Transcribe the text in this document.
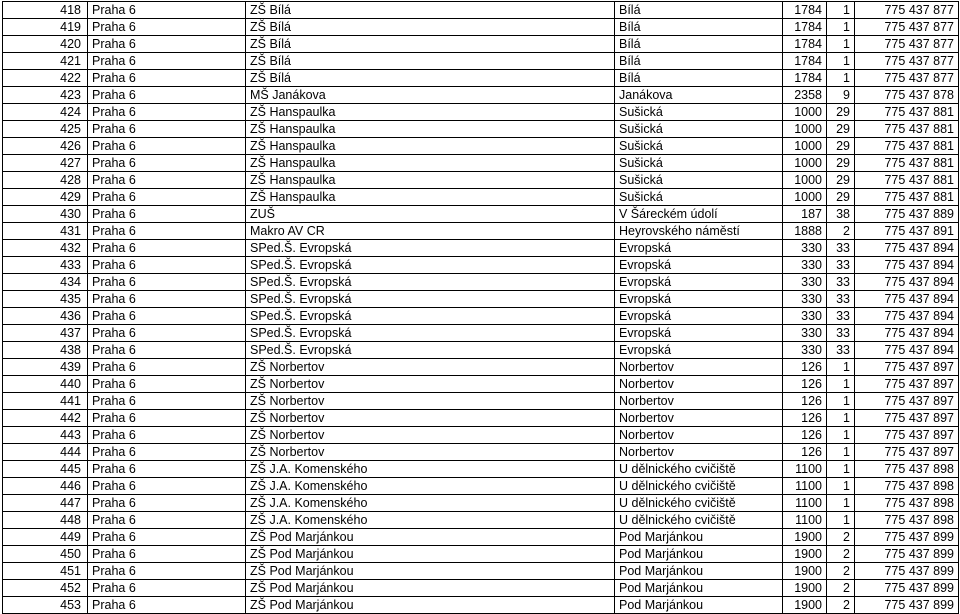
418	Praha 6	ZŠ Bílá	Bílá	1784	1	775 437 877
419	Praha 6	ZŠ Bílá	Bílá	1784	1	775 437 877
420	Praha 6	ZŠ Bílá	Bílá	1784	1	775 437 877
421	Praha 6	ZŠ Bílá	Bílá	1784	1	775 437 877
422	Praha 6	ZŠ Bílá	Bílá	1784	1	775 437 877
423	Praha 6	MŠ Janákova	Janákova	2358	9	775 437 878
424	Praha 6	ZŠ Hanspaulka	Sušická	1000	29	775 437 881
425	Praha 6	ZŠ Hanspaulka	Sušická	1000	29	775 437 881
426	Praha 6	ZŠ Hanspaulka	Sušická	1000	29	775 437 881
427	Praha 6	ZŠ Hanspaulka	Sušická	1000	29	775 437 881
428	Praha 6	ZŠ Hanspaulka	Sušická	1000	29	775 437 881
429	Praha 6	ZŠ Hanspaulka	Sušická	1000	29	775 437 881
430	Praha 6	ZUŠ	V Šáreckém údolí	187	38	775 437 889
431	Praha 6	Makro AV CR	Heyrovského náměstí	1888	2	775 437 891
432	Praha 6	SPed.Š. Evropská	Evropská	330	33	775 437 894
433	Praha 6	SPed.Š. Evropská	Evropská	330	33	775 437 894
434	Praha 6	SPed.Š. Evropská	Evropská	330	33	775 437 894
435	Praha 6	SPed.Š. Evropská	Evropská	330	33	775 437 894
436	Praha 6	SPed.Š. Evropská	Evropská	330	33	775 437 894
437	Praha 6	SPed.Š. Evropská	Evropská	330	33	775 437 894
438	Praha 6	SPed.Š. Evropská	Evropská	330	33	775 437 894
439	Praha 6	ZŠ Norbertov	Norbertov	126	1	775 437 897
440	Praha 6	ZŠ Norbertov	Norbertov	126	1	775 437 897
441	Praha 6	ZŠ Norbertov	Norbertov	126	1	775 437 897
442	Praha 6	ZŠ Norbertov	Norbertov	126	1	775 437 897
443	Praha 6	ZŠ Norbertov	Norbertov	126	1	775 437 897
444	Praha 6	ZŠ Norbertov	Norbertov	126	1	775 437 897
445	Praha 6	ZŠ J.A. Komenského	U dělnického cvičiště	1100	1	775 437 898
446	Praha 6	ZŠ J.A. Komenského	U dělnického cvičiště	1100	1	775 437 898
447	Praha 6	ZŠ J.A. Komenského	U dělnického cvičiště	1100	1	775 437 898
448	Praha 6	ZŠ J.A. Komenského	U dělnického cvičiště	1100	1	775 437 898
449	Praha 6	ZŠ Pod Marjánkou	Pod Marjánkou	1900	2	775 437 899
450	Praha 6	ZŠ Pod Marjánkou	Pod Marjánkou	1900	2	775 437 899
451	Praha 6	ZŠ Pod Marjánkou	Pod Marjánkou	1900	2	775 437 899
452	Praha 6	ZŠ Pod Marjánkou	Pod Marjánkou	1900	2	775 437 899
453	Praha 6	ZŠ Pod Marjánkou	Pod Marjánkou	1900	2	775 437 899
